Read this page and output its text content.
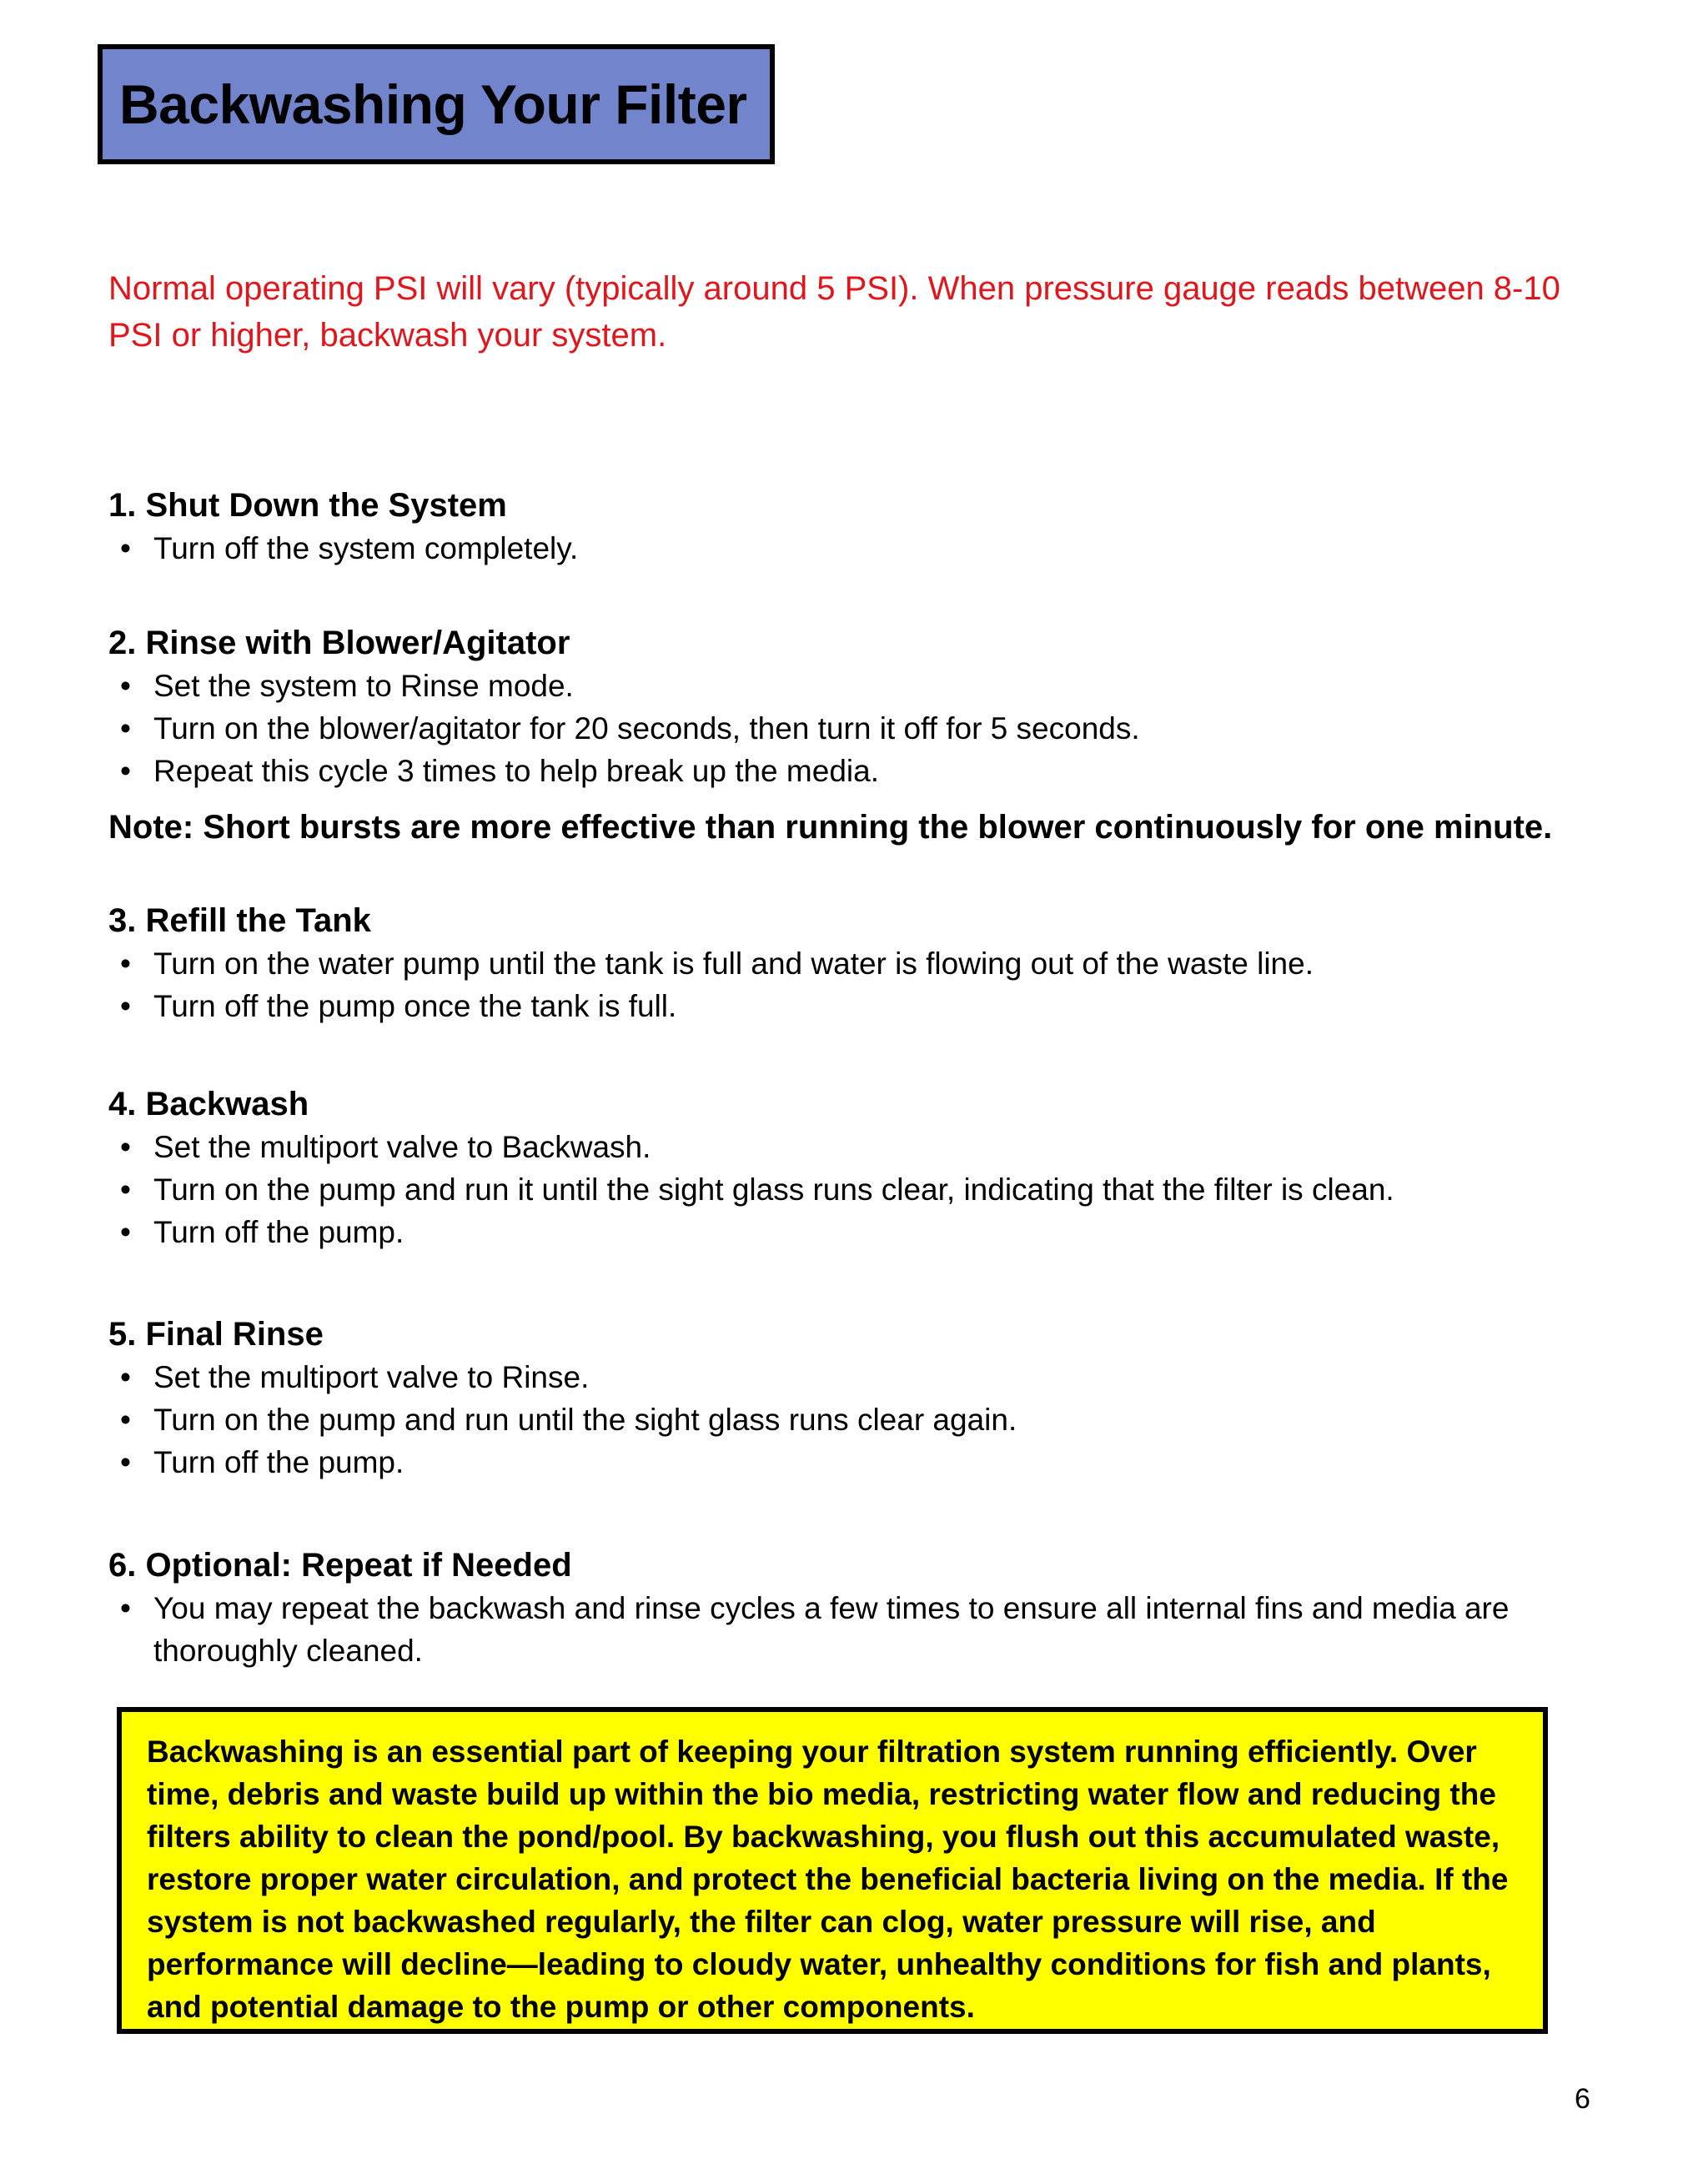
Backwashing Your Filter

Normal operating PSI will vary (typically around 5 PSI). When pressure gauge reads between 8-10 PSI or higher, backwash your system.

1. Shut Down the System

• Turn off the system completely.

2. Rinse with Blower/Agitator

• Set the system to Rinse mode.
• Turn on the blower/agitator for 20 seconds, then turn it off for 5 seconds.
• Repeat this cycle 3 times to help break up the media.

3. Refill the Tank

• Turn on the water pump until the tank is full and water is flowing out of the waste line.
• Turn off the pump once the tank is full.

4. Backwash

• Set the multiport valve to Backwash.
• Turn on the pump and run it until the sight glass runs clear, indicating that the filter is clean.
• Turn off the pump.

5. Final Rinse

• Set the multiport valve to Rinse.
• Turn on the pump and run until the sight glass runs clear again.
• Turn off the pump.

6. Optional: Repeat if Needed

• You may repeat the backwash and rinse cycles a few times to ensure all internal fins and media are thoroughly cleaned.

Note: Short bursts are more effective than running the blower continuously for one minute.

Backwashing is an essential part of keeping your filtration system running efficiently. Over time, debris and waste build up within the bio media, restricting water flow and reducing the filters ability to clean the pond/pool. By backwashing, you flush out this accumulated waste, restore proper water circulation, and protect the beneficial bacteria living on the media. If the system is not backwashed regularly, the filter can clog, water pressure will rise, and performance will decline—leading to cloudy water, unhealthy conditions for fish and plants, and potential damage to the pump or other components.

6
